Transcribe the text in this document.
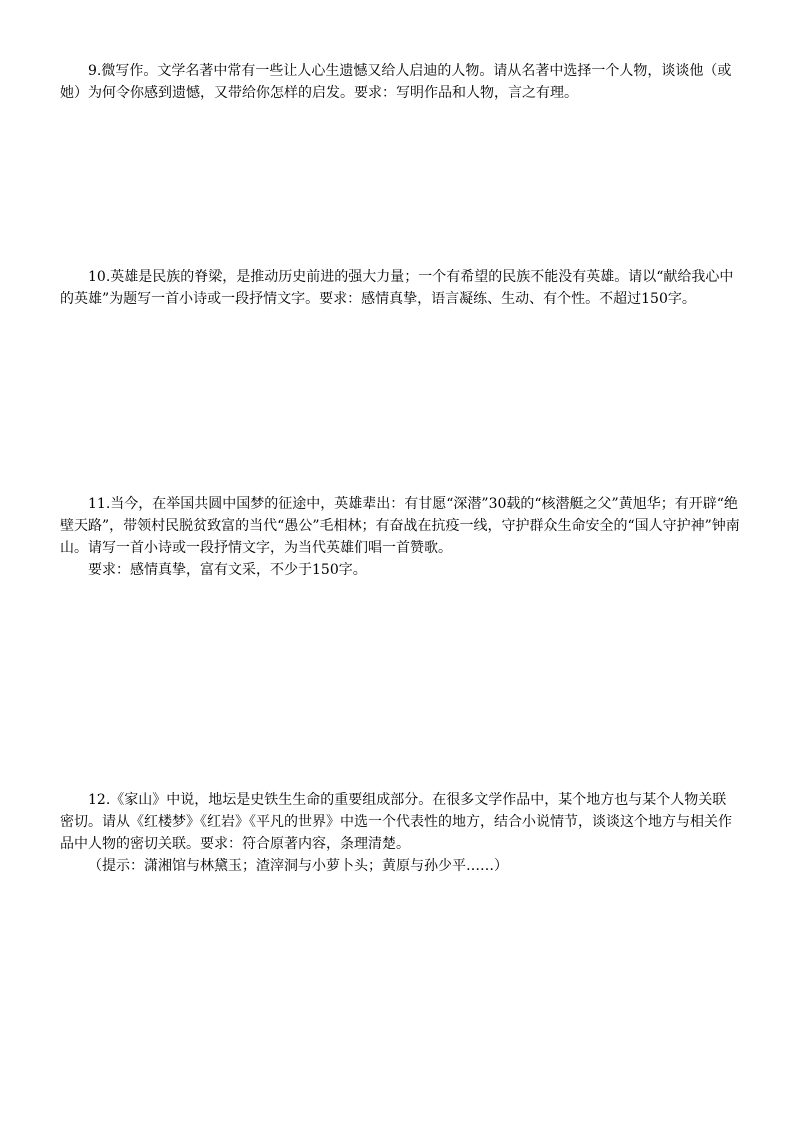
9.微写作。文学名著中常有一些让人心生遗憾又给人启迪的人物。请从名著中选择一个人物，谈谈他（或她）为何令你感到遗憾，又带给你怎样的启发。要求：写明作品和人物，言之有理。

10.英雄是民族的脊梁，是推动历史前进的强大力量；一个有希望的民族不能没有英雄。请以“献给我心中的英雄”为题写一首小诗或一段抒情文字。要求：感情真挚，语言凝练、生动、有个性。不超过150字。

11.当今，在举国共圆中国梦的征途中，英雄辈出：有甘愿“深潜”30载的“核潜艇之父”黄旭华；有开辟“绝壁天路”，带领村民脱贫致富的当代“愚公”毛相林；有奋战在抗疫一线，守护群众生命安全的“国人守护神”钟南山。请写一首小诗或一段抒情文字，为当代英雄们唱一首赞歌。

要求：感情真挚，富有文采，不少于150字。

12.《家山》中说，地坛是史铁生生命的重要组成部分。在很多文学作品中，某个地方也与某个人物关联密切。请从《红楼梦》《红岩》《平凡的世界》中选一个代表性的地方，结合小说情节，谈谈这个地方与相关作品中人物的密切关联。要求：符合原著内容，条理清楚。

（提示：潇湘馆与林黛玉；渣滓洞与小萝卜头；黄原与孙少平……）
